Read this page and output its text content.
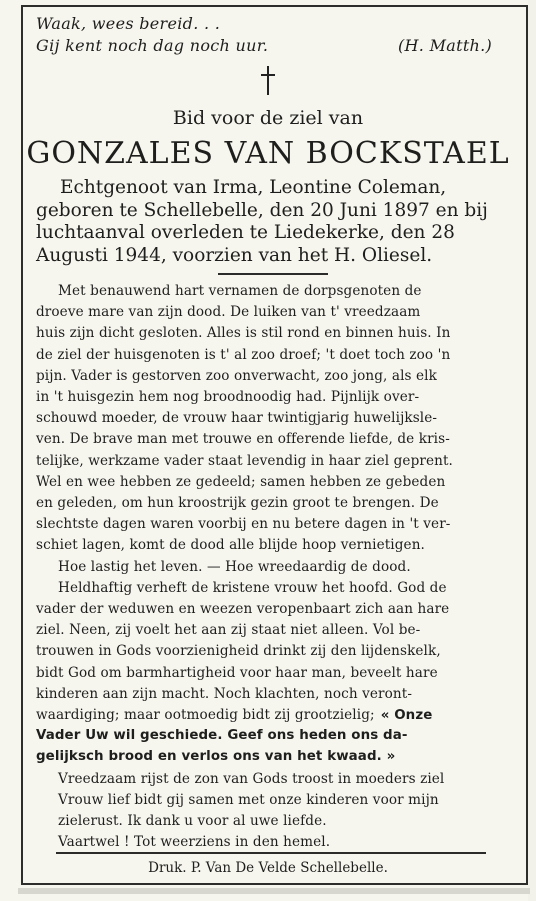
Waak, wees bereid. . .
Gij kent noch dag noch uur.	(H. Matth.)
Bid voor de ziel van
GONZALES VAN BOCKSTAEL
Echtgenoot van Irma, Leontine Coleman,
geboren te Schellebelle, den 20 Juni 1897 en bij
luchtaanval overleden te Liedekerke, den 28
Augusti 1944, voorzien van het H. Oliesel.
Met benauwend hart vernamen de dorpsgenoten de
droeve mare van zijn dood. De luiken van t' vreedzaam
huis zijn dicht gesloten. Alles is stil rond en binnen huis. In
de ziel der huisgenoten is t' al zoo droef; 't doet toch zoo 'n
pijn. Vader is gestorven zoo onverwacht, zoo jong, als elk
in 't huisgezin hem nog broodnoodig had. Pijnlijk over-
schouwd moeder, de vrouw haar twintigjarig huwelijksle-
ven. De brave man met trouwe en offerende liefde, de kris-
telijke, werkzame vader staat levendig in haar ziel geprent.
Wel en wee hebben ze gedeeld; samen hebben ze gebeden
en geleden, om hun kroostrijk gezin groot te brengen. De
slechtste dagen waren voorbij en nu betere dagen in 't ver-
schiet lagen, komt de dood alle blijde hoop vernietigen.
Hoe lastig het leven. — Hoe wreedaardig de dood.
Heldhaftig verheft de kristene vrouw het hoofd. God de
vader der weduwen en weezen veropenbaart zich aan hare
ziel. Neen, zij voelt het aan zij staat niet alleen. Vol be-
trouwen in Gods voorzienigheid drinkt zij den lijdenskelk,
bidt God om barmhartigheid voor haar man, beveelt hare
kinderen aan zijn macht. Noch klachten, noch veront-
waardiging; maar ootmoedig bidt zij grootzielig; « Onze
Vader Uw wil geschiede. Geef ons heden ons da-
gelijksch brood en verlos ons van het kwaad. »
Vreedzaam rijst de zon van Gods troost in moeders ziel
Vrouw lief bidt gij samen met onze kinderen voor mijn
zielerust. Ik dank u voor al uwe liefde.
Vaartwel ! Tot weerziens in den hemel.
Druk. P. Van De Velde Schellebelle.
